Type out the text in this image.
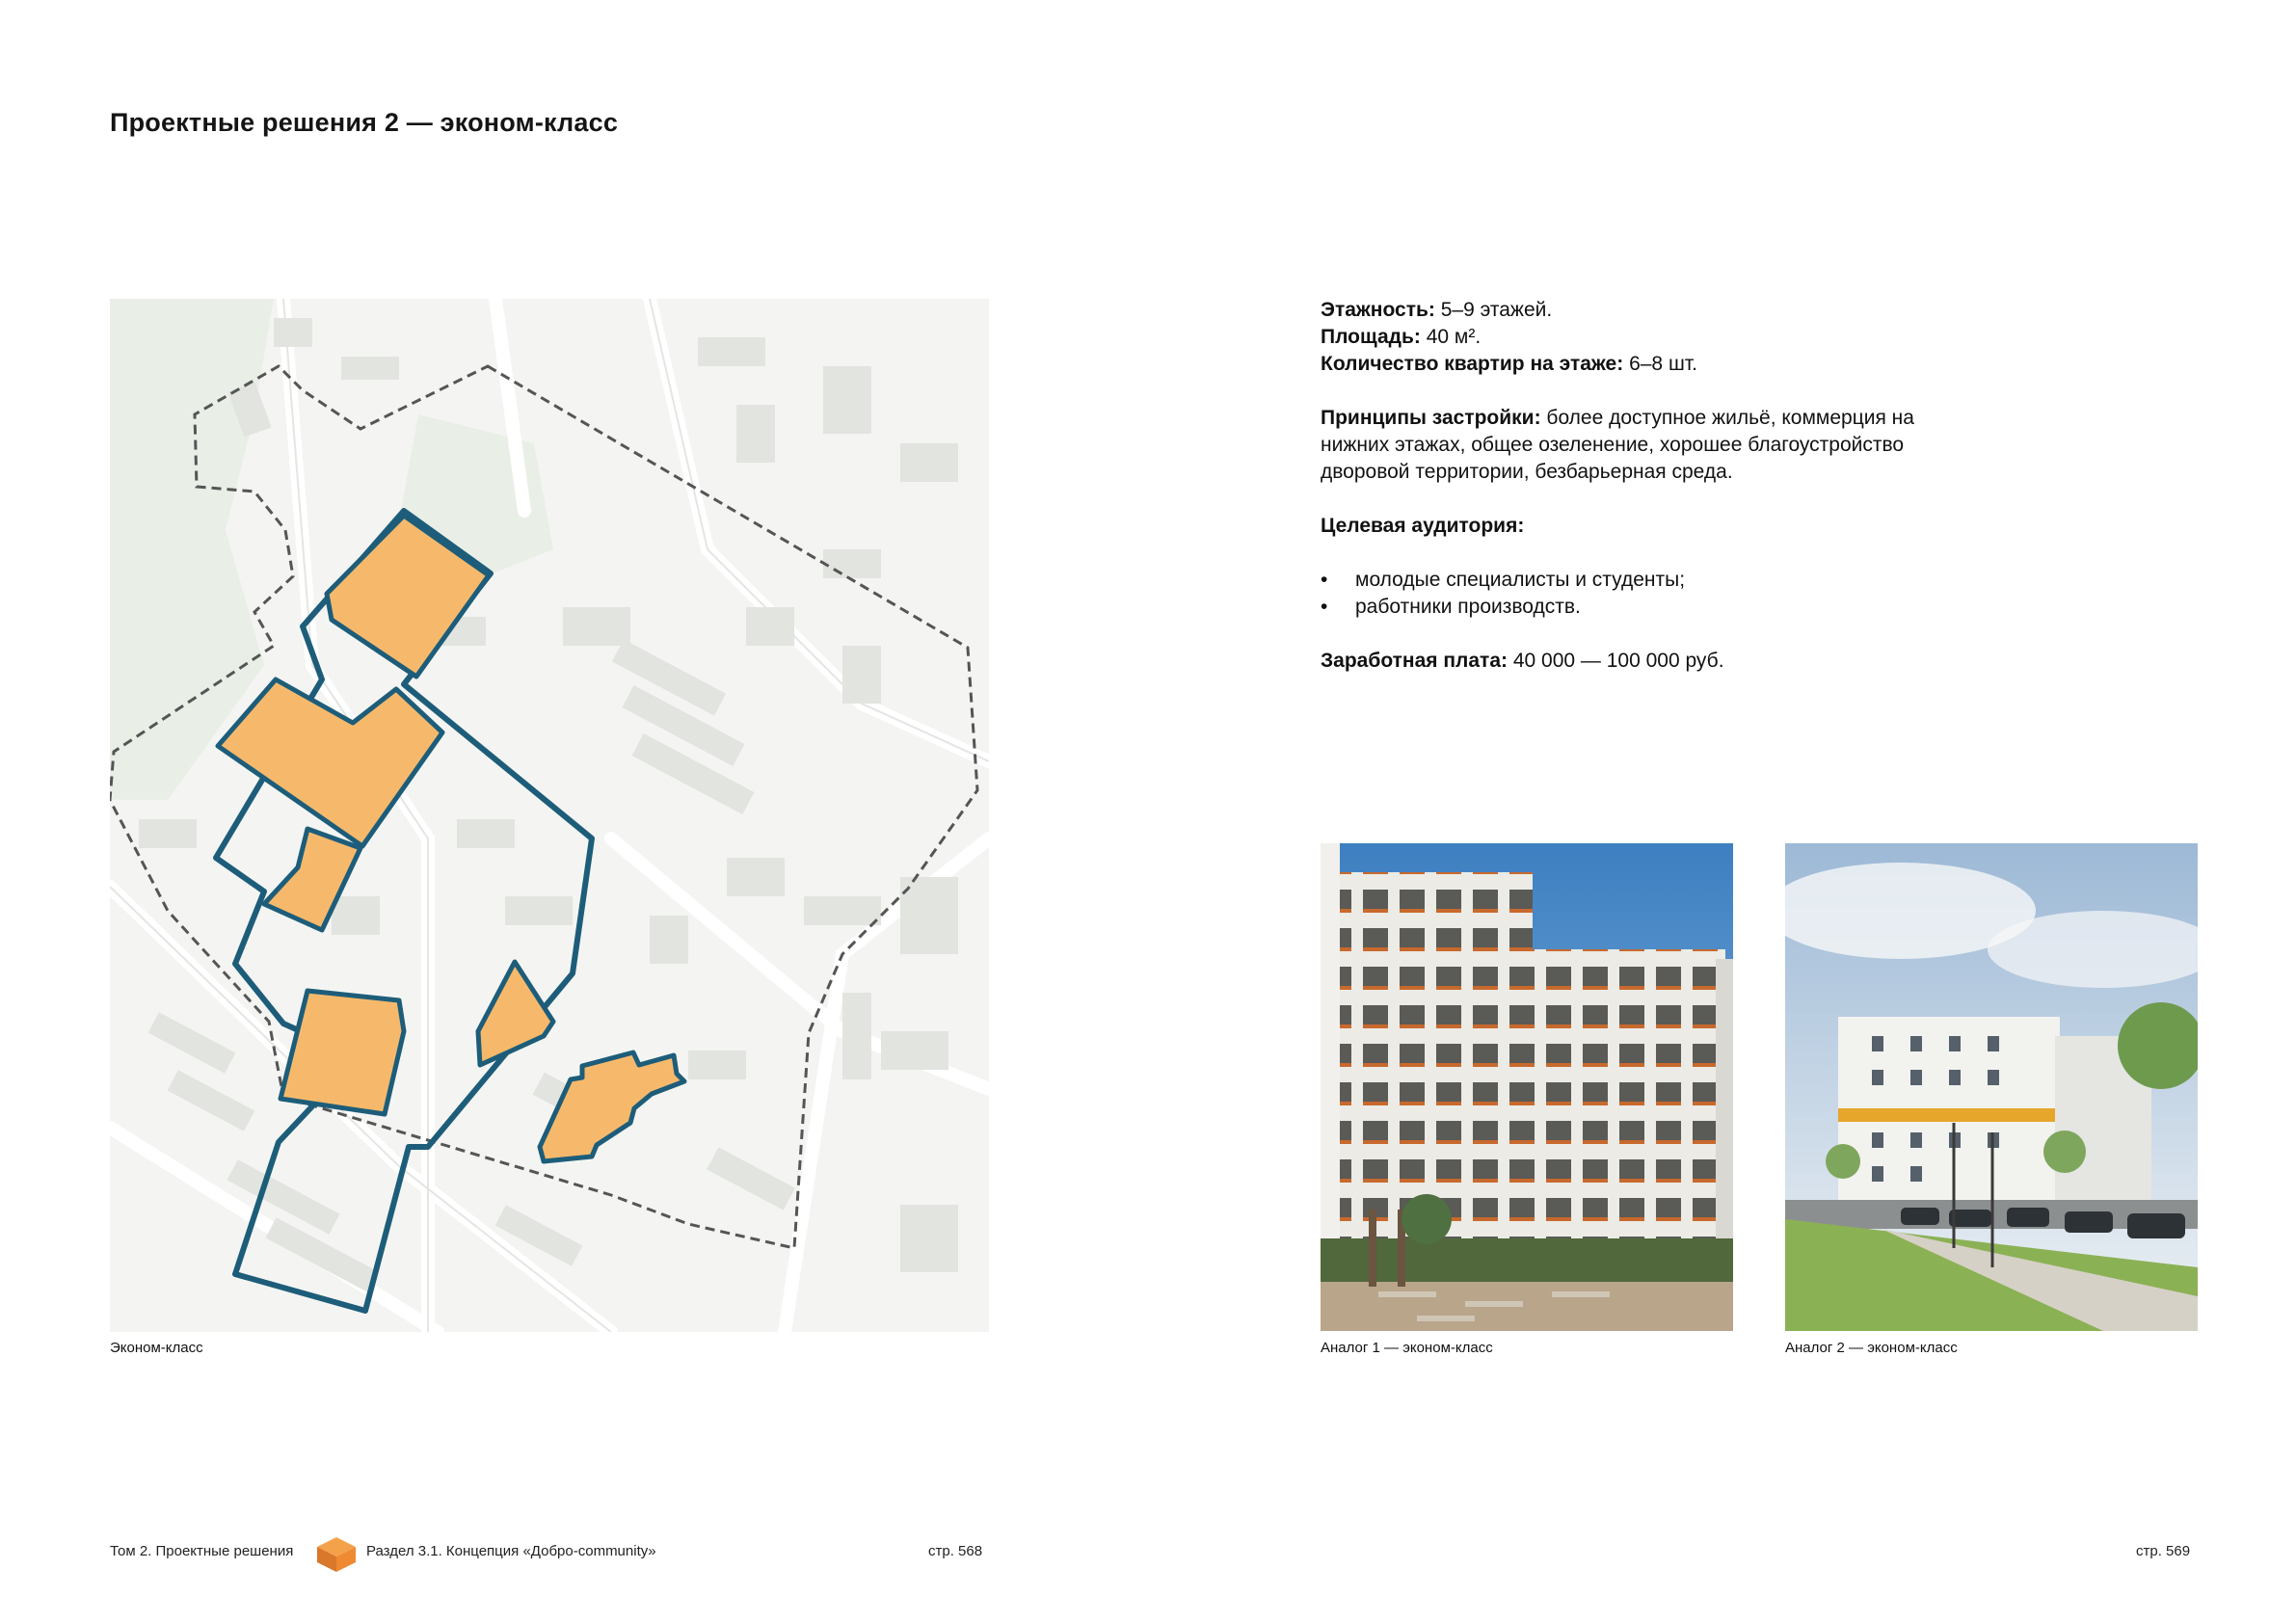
Проектные решения 2 — эконом-класс
Эконом-класс

Этажность: 5–9 этажей.

Площадь: 40 м².

Количество квартир на этаже: 6–8 шт.

Принципы застройки: более доступное жильё, коммерция на нижних этажах, общее озеленение, хорошее благоустройство дворовой территории, безбарьерная среда.

Целевая аудитория:

• молодые специалисты и студенты;
• работники производств.

Заработная плата: 40 000 — 100 000 руб.

Аналог 1 — эконом-класс	Аналог 2 — эконом-класс
Том 2. Проектные решения	Раздел 3.1. Концепция «Добро-community»	стр. 568	стр. 569
